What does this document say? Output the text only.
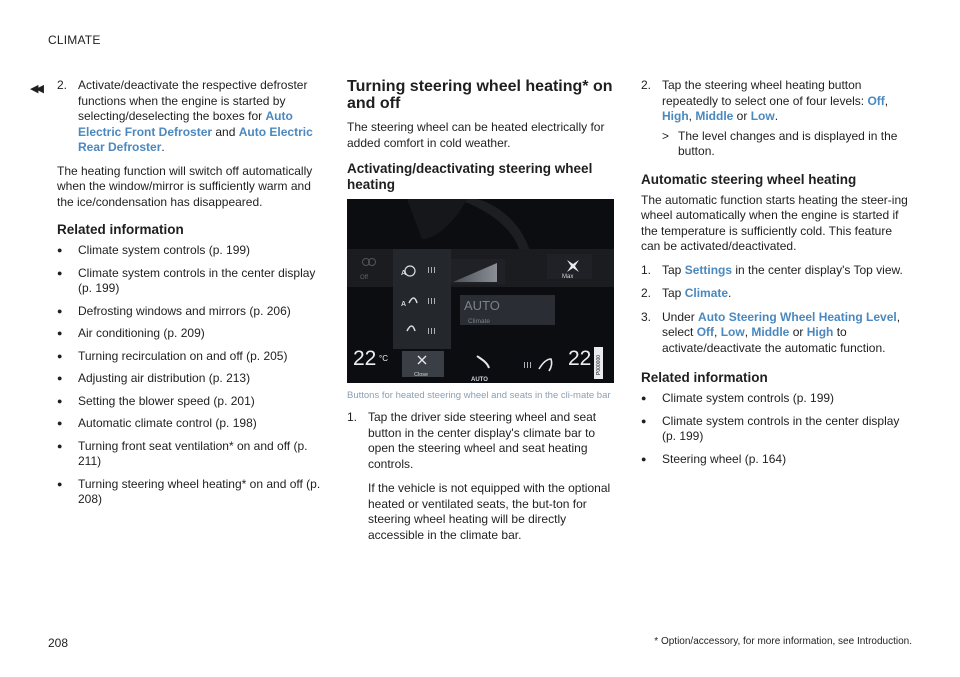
CLIMATE
◀◀ 2. Activate/deactivate the respective defroster functions when the engine is started by selecting/deselecting the boxes for Auto Electric Front Defroster and Auto Electric Rear Defroster.

The heating function will switch off automatically when the window/mirror is sufficiently warm and the ice/condensation has disappeared.

Related information
●	Climate system controls (p. 199)
●	Climate system controls in the center display (p. 199)
●	Defrosting windows and mirrors (p. 206)
●	Air conditioning (p. 209)
●	Turning recirculation on and off (p. 205)
●	Adjusting air distribution (p. 213)
●	Setting the blower speed (p. 201)
●	Automatic climate control (p. 198)
●	Turning front seat ventilation* on and off (p. 211)
●	Turning steering wheel heating* on and off (p. 208)
Turning steering wheel heating* on and off

The steering wheel can be heated electrically for added comfort in cold weather.

Activating/deactivating steering wheel heating
Off	Max
A
A	AUTO
Climate
22 °C	22
Close
AUTO
P000000
Buttons for heated steering wheel and seats in the cli-mate bar
1. Tap the driver side steering wheel and seat button in the center display's climate bar to open the steering wheel and seat heating controls.

If the vehicle is not equipped with the optional heated or ventilated seats, the but-ton for steering wheel heating will be directly accessible in the climate bar.
2. Tap the steering wheel heating button repeatedly to select one of four levels: Off, High, Middle or Low.
> The level changes and is displayed in the button.
Automatic steering wheel heating

The automatic function starts heating the steer-ing wheel automatically when the engine is started if the temperature is sufficiently cold. This feature can be activated/deactivated.

1. Tap Settings in the center display's Top view.
2. Tap Climate.
3. Under Auto Steering Wheel Heating Level, select Off, Low, Middle or High to activate/deactivate the automatic function.
Related information
●	Climate system controls (p. 199)
●	Climate system controls in the center display (p. 199)
●	Steering wheel (p. 164)
208	* Option/accessory, for more information, see Introduction.
